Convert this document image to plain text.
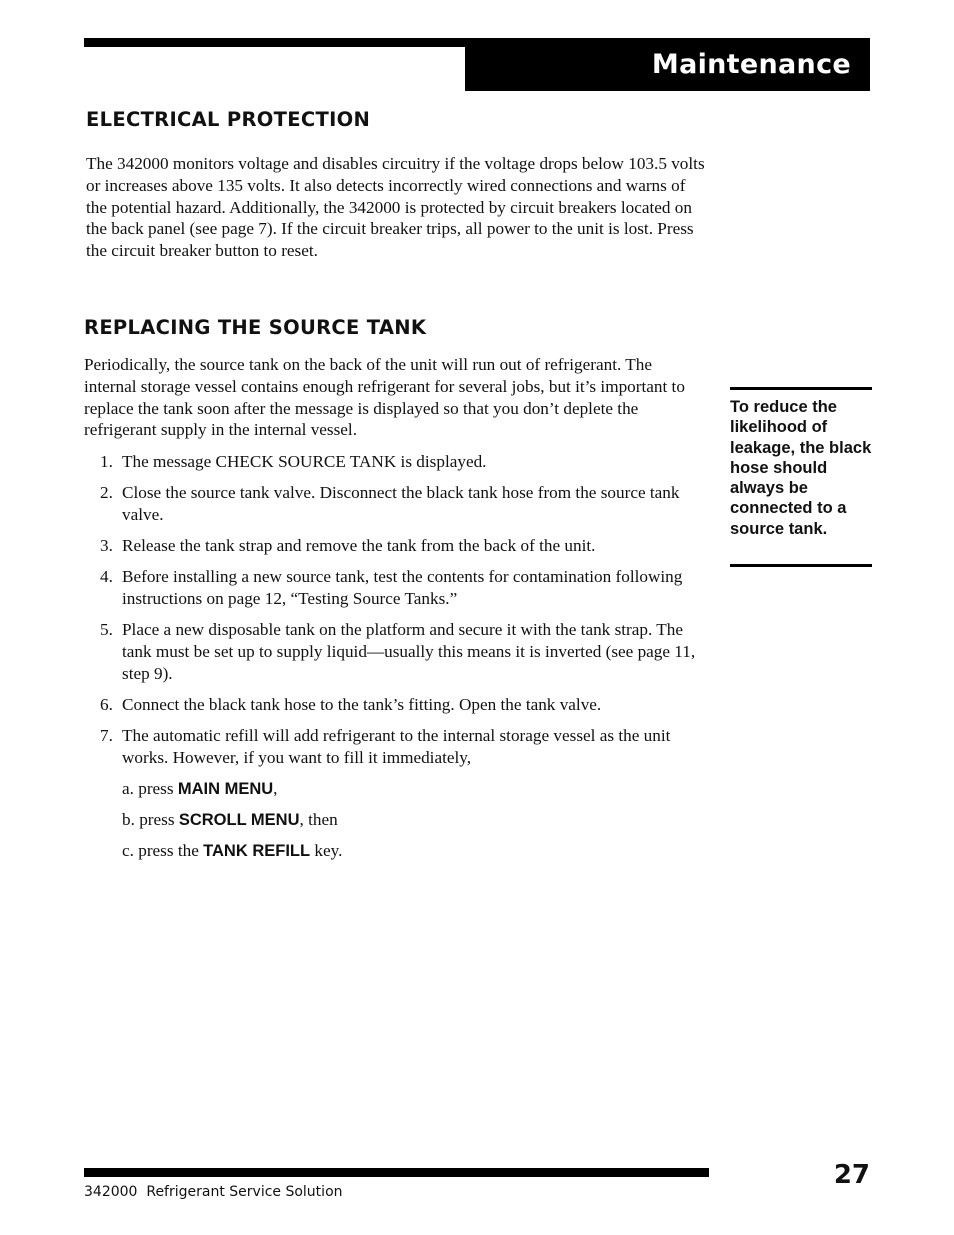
Maintenance
ELECTRICAL PROTECTION

The 342000 monitors voltage and disables circuitry if the voltage drops below 103.5 volts or increases above 135 volts. It also detects incorrectly wired connections and warns of the potential hazard. Additionally, the 342000 is protected by circuit breakers located on the back panel (see page 7). If the circuit breaker trips, all power to the unit is lost. Press the circuit breaker button to reset.

REPLACING THE SOURCE TANK

Periodically, the source tank on the back of the unit will run out of refrigerant. The internal storage vessel contains enough refrigerant for several jobs, but it’s important to replace the tank soon after the message is displayed so that you don’t deplete the refrigerant supply in the internal vessel.

1. The message CHECK SOURCE TANK is displayed.
2. Close the source tank valve. Disconnect the black tank hose from the source tank valve.
3. Release the tank strap and remove the tank from the back of the unit.
4. Before installing a new source tank, test the contents for contamination following instructions on page 12, “Testing Source Tanks.”
5. Place a new disposable tank on the platform and secure it with the tank strap. The tank must be set up to supply liquid—usually this means it is inverted (see page 11, step 9).
6. Connect the black tank hose to the tank’s fitting. Open the tank valve.
7. The automatic refill will add refrigerant to the internal storage vessel as the unit works. However, if you want to fill it immediately,
a. press MAIN MENU,
b. press SCROLL MENU, then
c. press the TANK REFILL key.

To reduce the likelihood of leakage, the black hose should always be connected to a source tank.

342000  Refrigerant Service Solution
27
